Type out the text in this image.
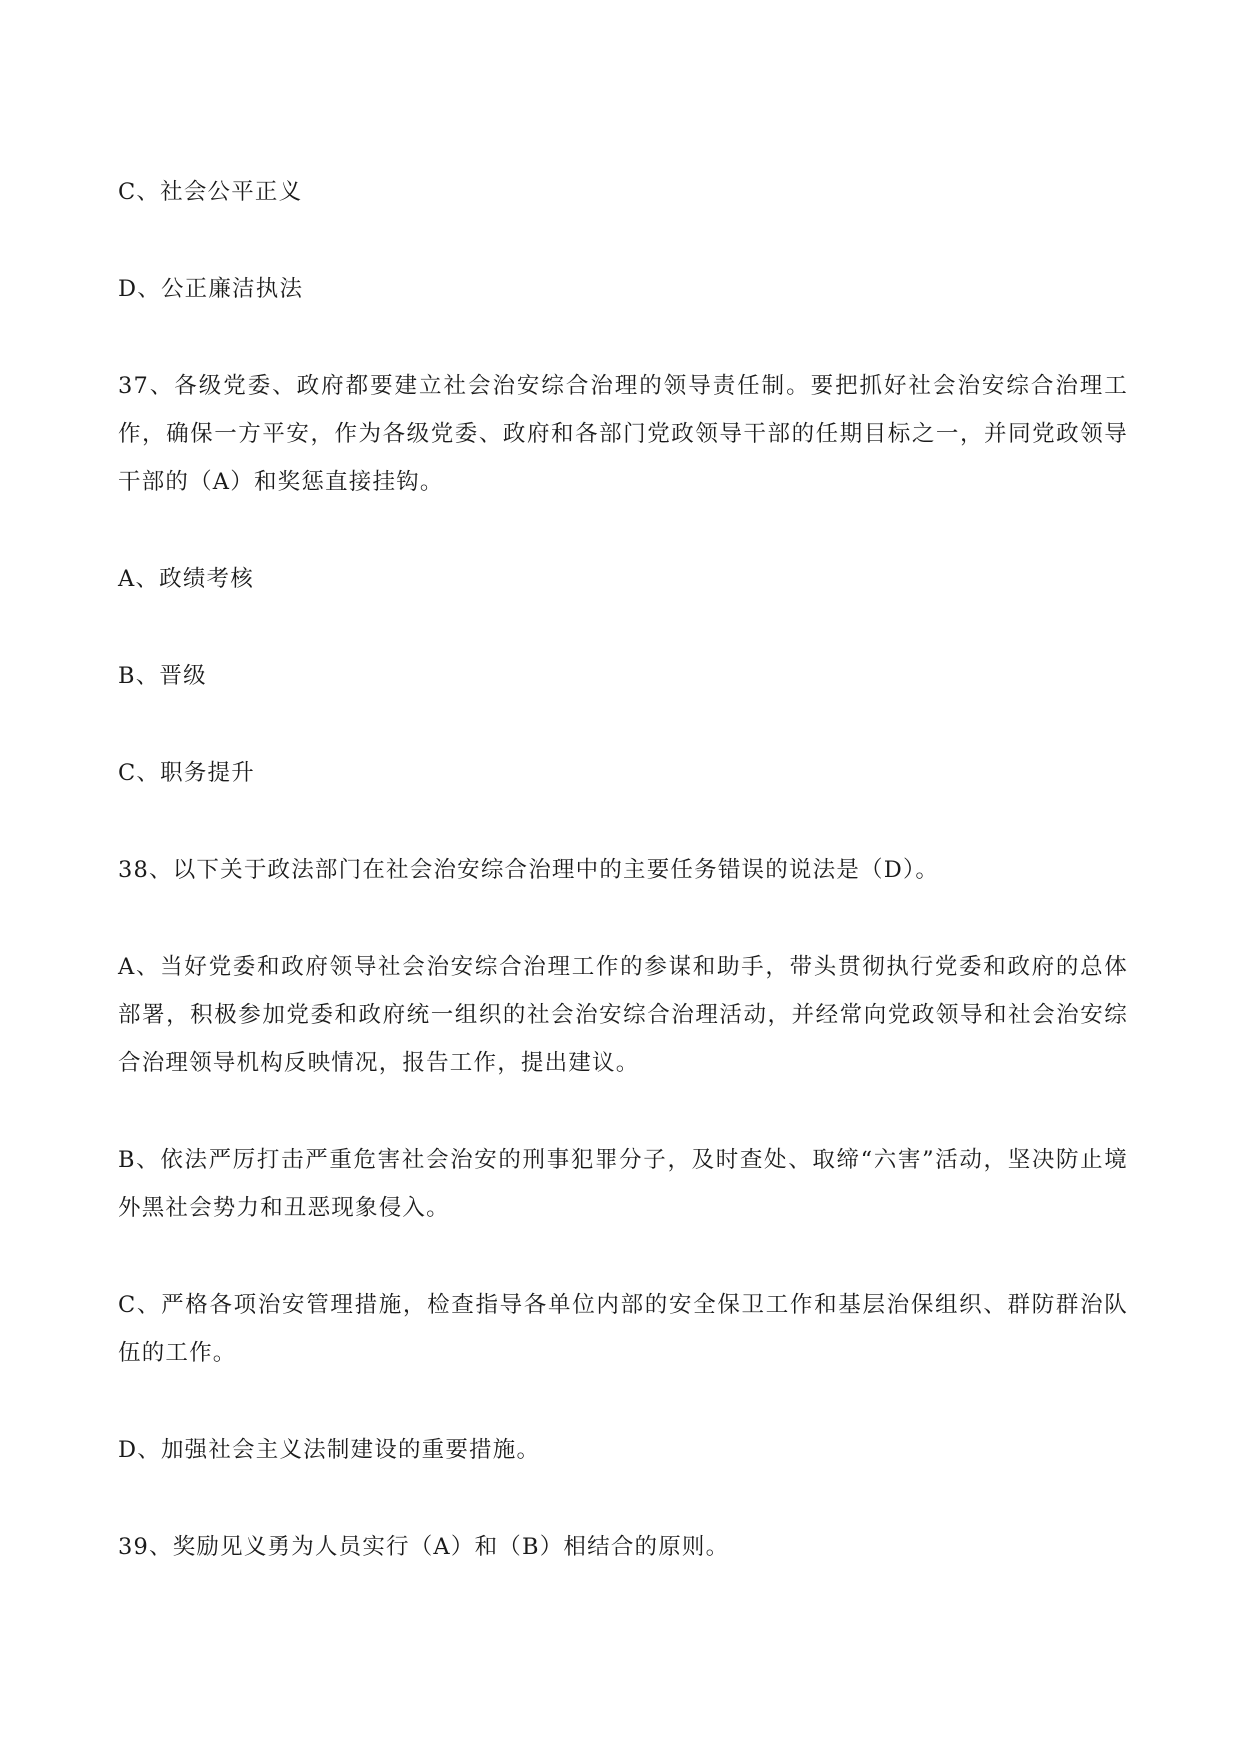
C、社会公平正义

D、公正廉洁执法

37、各级党委、政府都要建立社会治安综合治理的领导责任制。要把抓好社会治安综合治理工作，确保一方平安，作为各级党委、政府和各部门党政领导干部的任期目标之一，并同党政领导干部的（A）和奖惩直接挂钩。

A、政绩考核

B、晋级

C、职务提升

38、以下关于政法部门在社会治安综合治理中的主要任务错误的说法是（D）。

A、当好党委和政府领导社会治安综合治理工作的参谋和助手，带头贯彻执行党委和政府的总体部署，积极参加党委和政府统一组织的社会治安综合治理活动，并经常向党政领导和社会治安综合治理领导机构反映情况，报告工作，提出建议。

B、依法严厉打击严重危害社会治安的刑事犯罪分子，及时查处、取缔“六害”活动，坚决防止境外黑社会势力和丑恶现象侵入。

C、严格各项治安管理措施，检查指导各单位内部的安全保卫工作和基层治保组织、群防群治队伍的工作。

D、加强社会主义法制建设的重要措施。

39、奖励见义勇为人员实行（A）和（B）相结合的原则。
